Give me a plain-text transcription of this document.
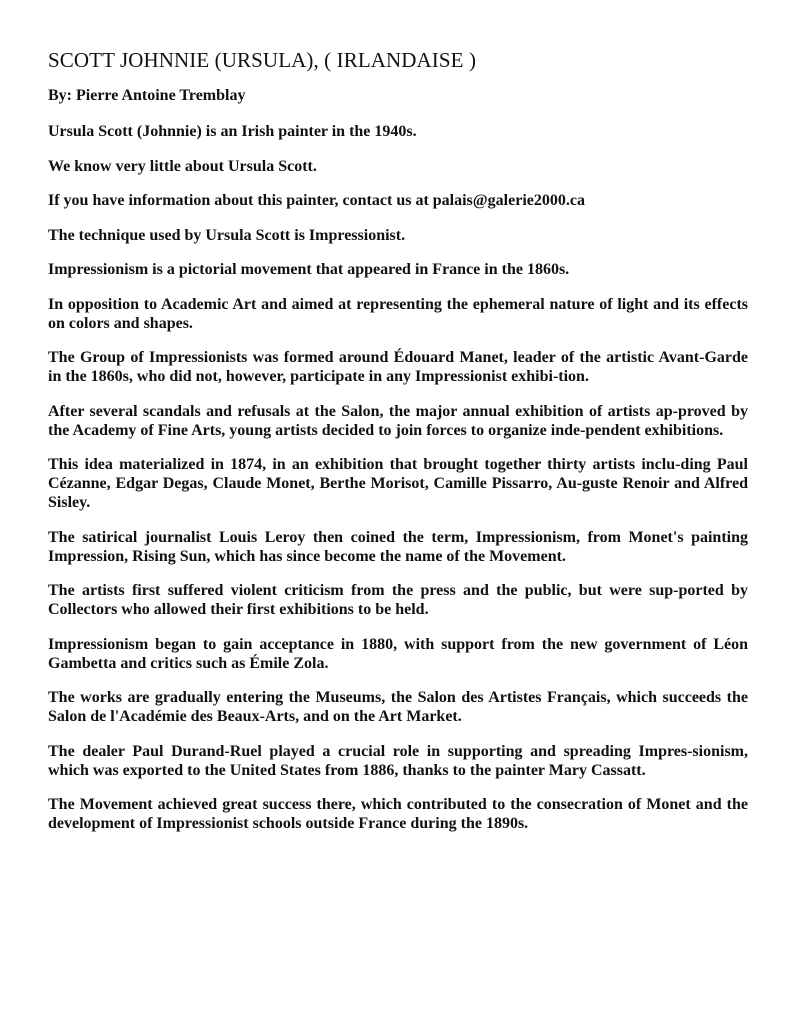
SCOTT JOHNNIE (URSULA), ( IRLANDAISE )

By: Pierre Antoine Tremblay

Ursula Scott (Johnnie) is an Irish painter in the 1940s.

We know very little about Ursula Scott.

If you have information about this painter, contact us at palais@galerie2000.ca

The technique used by Ursula Scott is Impressionist.

Impressionism is a pictorial movement that appeared in France in the 1860s.

In opposition to Academic Art and aimed at representing the ephemeral nature of light and its effects on colors and shapes.

The Group of Impressionists was formed around Édouard Manet, leader of the artistic Avant-Garde in the 1860s, who did not, however, participate in any Impressionist exhibi-tion.

After several scandals and refusals at the Salon, the major annual exhibition of artists ap-proved by the Academy of Fine Arts, young artists decided to join forces to organize inde-pendent exhibitions.

This idea materialized in 1874, in an exhibition that brought together thirty artists inclu-ding Paul Cézanne, Edgar Degas, Claude Monet, Berthe Morisot, Camille Pissarro, Au-guste Renoir and Alfred Sisley.

The satirical journalist Louis Leroy then coined the term, Impressionism, from Monet's painting Impression, Rising Sun, which has since become the name of the Movement.

The artists first suffered violent criticism from the press and the public, but were sup-ported by Collectors who allowed their first exhibitions to be held.

Impressionism began to gain acceptance in 1880, with support from the new government of Léon Gambetta and critics such as Émile Zola.

The works are gradually entering the Museums, the Salon des Artistes Français, which succeeds the Salon de l'Académie des Beaux-Arts, and on the Art Market.

The dealer Paul Durand-Ruel played a crucial role in supporting and spreading Impres-sionism, which was exported to the United States from 1886, thanks to the painter Mary Cassatt.

The Movement achieved great success there, which contributed to the consecration of Monet and the development of Impressionist schools outside France during the 1890s.
